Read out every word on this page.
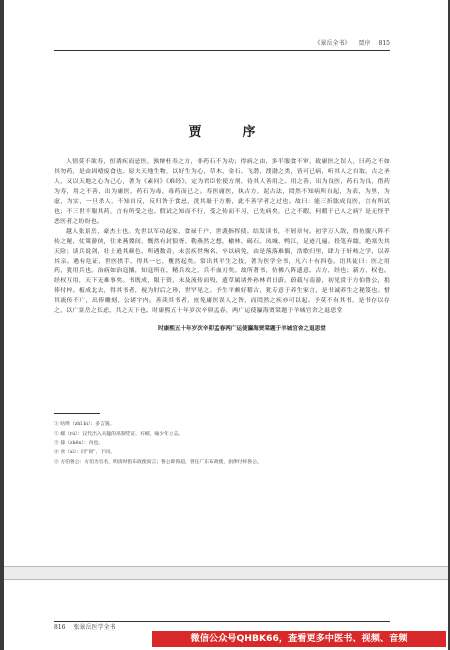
《景岳全书》 贾序 815
贾　序

人情莫不欲寿，恒诱疾而忌医，孰辩枉寿之方，非药石不为功；得病之由，多半服食不审，致庸医之误人，曰药之不如其勿药，是由因噎废食也。原夫天地生物，以好生为心，草木、金石、飞潜、溲渤之类，皆可已病，听其人之自取。古之圣人，又以天地之心为己心，著为《素问》《难经》，定为君臣佐使方剂，待其人善用之。用之善，出为良医，药石为良，借药为寿，用之不善，出为庸医，药石为毒，毒药而已之。寿医庸医，执古方，泥古法，罔然不知病所自起，为表，为里，为虚，为实，一旦杀人，不知自反，反归咎于食忌，洗其耻于方册，此不善学者之过也。故曰：能三折肱成良医，言有所试也；不三世不服其药，言有所受之也。假试之知而不行，受之传而不习，已先病矣，已之不暇，何暇于已人之病？是无怪乎恶医者之纷纷也。

越人张景岳，豪杰士也。先世以军功起家，食禄千户，世袭指挥使。结发读书，不屑章句。初学万人敌，得鱼腹八阵不传之秘，仗策游侠，往来燕冀间，慨然有封狼胥、勒燕然之想，榆林、碣石、凤城、鸭江，足迹几遍。投笔弃繻，绝塞失其天险；谈兵说剑，壮士逊其颜色。所遇数奇，未尝疾世殉名，卒以病免，由是落落难偶，浩歌归里，肆力于轩岐之学，以养其亲。遇有危证，世医拱手，得其一匕，矍然起矣。常出其平生之技，著为医学全书，凡六十有四卷。语其徒曰：医之用药，犹用兵也。治病如治寇攘，知寇所在，精兵攻之，兵不血刃矣。故所著书，仿佛八阵遗意。古方，经也；新方，权也。经权互用，天下无难事矣。书既成，限于资，未及流传而殁，遗草属诸外孙林君日蔚。蔚载与南游，初见赏于方伯鲁公，捐俸付梓。板成北去，得其书者，视为肘后之珍，世罕见之。予生平颇好稽古，犹专意于养生家言，是书诚养生之秘笈也。惜其流传不广，出俸雕刻，公诸宇内。善读其书者，庶免庸医误人之咎，而罔然之疾亦可以起。予莫不有其书，是书存以存之，以广景岳之长虑，共之天下也。时康熙五十年岁次辛卯孟春，两广运使瀛海贾棠题于羊城官舍之退思堂

时康熙五十年岁次辛卯孟春两广运使瀛海贾棠题于羊城官舍之退思堂
① 咕哔（zhǐ bì）：多言貌。
② 繻（rú）：汉代出入关隘的帛制凭证，弃繻，喻少年立志。
③ 獉（zhēn）：丙也。
④ 食（sì）：同“饲”，下同。
⑤ 方伯鲁公：方伯为官名，明清时指布政使而言；鲁公即鲁超，曾任广东布政使，捐俸付梓鲁公。
816 张景岳医学全书
微信公众号QHBK66，查看更多中医书、视频、音频
